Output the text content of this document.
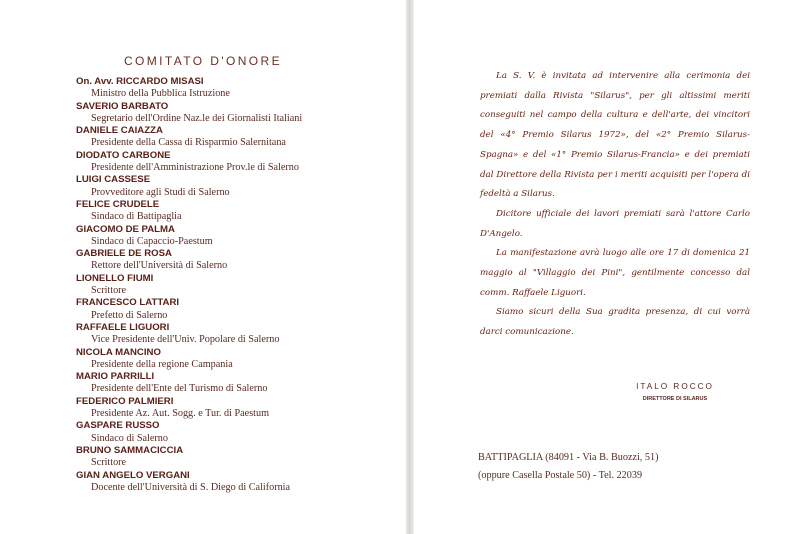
COMITATO D'ONORE
On. Avv. RICCARDO MISASI
Ministro della Pubblica Istruzione
SAVERIO BARBATO
Segretario dell'Ordine Naz.le dei Giornalisti Italiani
DANIELE CAIAZZA
Presidente della Cassa di Risparmio Salernitana
DIODATO CARBONE
Presidente dell'Amministrazione Prov.le di Salerno
LUIGI CASSESE
Provveditore agli Studi di Salerno
FELICE CRUDELE
Sindaco di Battipaglia
GIACOMO DE PALMA
Sindaco di Capaccio-Paestum
GABRIELE DE ROSA
Rettore dell'Università di Salerno
LIONELLO FIUMI
Scrittore
FRANCESCO LATTARI
Prefetto di Salerno
RAFFAELE LIGUORI
Vice Presidente dell'Univ. Popolare di Salerno
NICOLA MANCINO
Presidente della regione Campania
MARIO PARRILLI
Presidente dell'Ente del Turismo di Salerno
FEDERICO PALMIERI
Presidente Az. Aut. Sogg. e Tur. di Paestum
GASPARE RUSSO
Sindaco di Salerno
BRUNO SAMMACICCIA
Scrittore
GIAN ANGELO VERGANI
Docente dell'Università di S. Diego di California

La S. V. è invitata ad intervenire alla cerimonia dei premiati dalla Rivista "Silarus", per gli altissimi meriti conseguiti nel campo della cultura e dell'arte, dei vincitori del «4° Premio Silarus 1972», del «2° Premio Silarus-Spagna» e del «1° Premio Silarus-Francia» e dei premiati dal Direttore della Rivista per i meriti acquisiti per l'opera di fedeltà a Silarus.

Dicitore ufficiale dei lavori premiati sarà l'attore Carlo D'Angelo.

La manifestazione avrà luogo alle ore 17 di domenica 21 maggio al "Villaggio dei Pini", gentilmente concesso dal comm. Raffaele Liguori.

Siamo sicuri della Sua gradita presenza, di cui vorrà darci comunicazione.

ITALO ROCCO
DIRETTORE DI SILARUS
BATTIPAGLIA (84091 - Via B. Buozzi, 51)
(oppure Casella Postale 50) - Tel. 22039
